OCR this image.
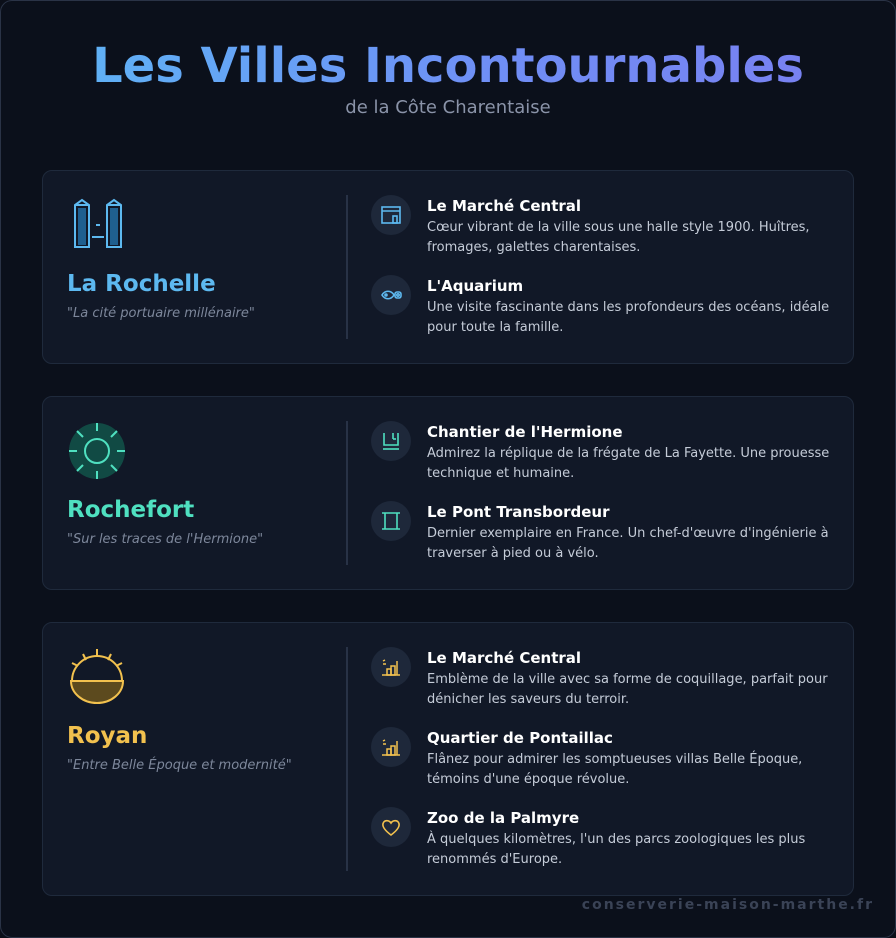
Les Villes Incontournables

de la Côte Charentaise

La Rochelle

"La cité portuaire millénaire"

Le Marché Central

Cœur vibrant de la ville sous une halle style 1900. Huîtres, fromages, galettes charentaises.

L'Aquarium

Une visite fascinante dans les profondeurs des océans, idéale pour toute la famille.

Rochefort

"Sur les traces de l'Hermione"

Chantier de l'Hermione

Admirez la réplique de la frégate de La Fayette. Une prouesse technique et humaine.

Le Pont Transbordeur

Dernier exemplaire en France. Un chef-d'œuvre d'ingénierie à traverser à pied ou à vélo.

Royan

"Entre Belle Époque et modernité"

Le Marché Central

Emblème de la ville avec sa forme de coquillage, parfait pour dénicher les saveurs du terroir.

Quartier de Pontaillac

Flânez pour admirer les somptueuses villas Belle Époque, témoins d'une époque révolue.

Zoo de la Palmyre

À quelques kilomètres, l'un des parcs zoologiques les plus renommés d'Europe.

conserverie-maison-marthe.fr
